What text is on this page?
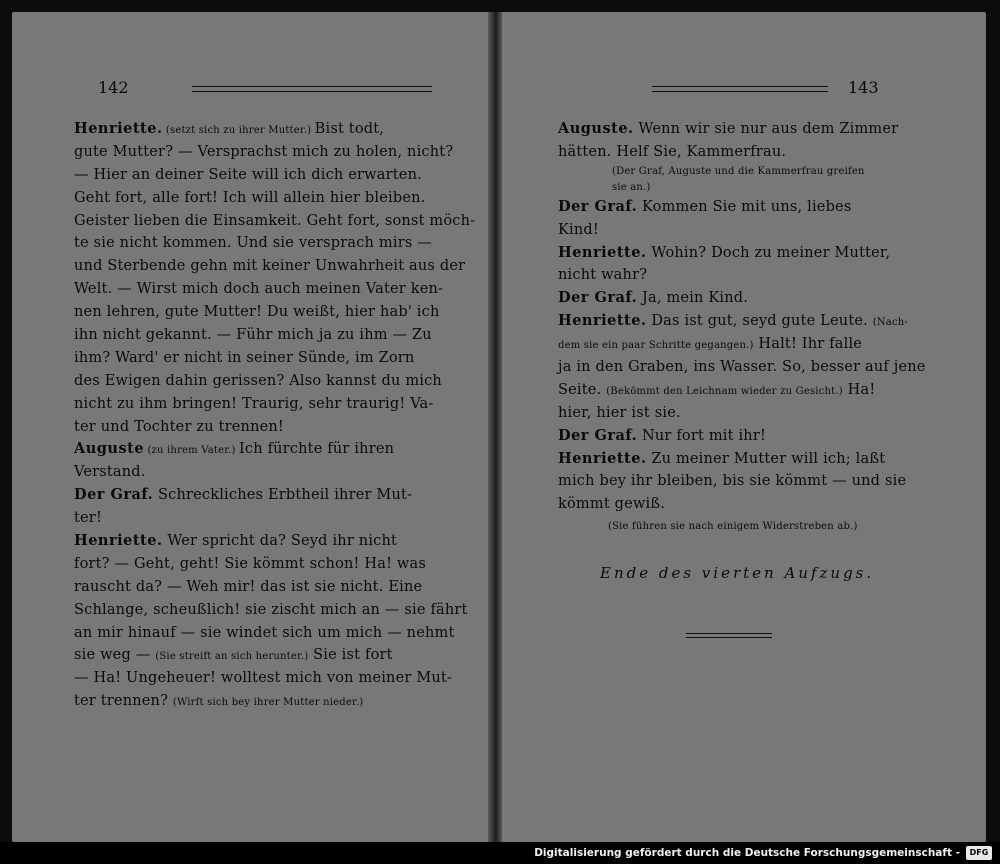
142	143
Henriette. (setzt sich zu ihrer Mutter.) Bist todt,
gute Mutter? — Versprachst mich zu holen, nicht?
— Hier an deiner Seite will ich dich erwarten.
Geht fort, alle fort! Ich will allein hier bleiben.
Geister lieben die Einsamkeit. Geht fort, sonst möch-
te sie nicht kommen. Und sie versprach mirs —
und Sterbende gehn mit keiner Unwahrheit aus der
Welt. — Wirst mich doch auch meinen Vater ken-
nen lehren, gute Mutter! Du weißt, hier hab' ich
ihn nicht gekannt. — Führ mich ja zu ihm — Zu
ihm? Ward' er nicht in seiner Sünde, im Zorn
des Ewigen dahin gerissen? Also kannst du mich
nicht zu ihm bringen! Traurig, sehr traurig! Va-
ter und Tochter zu trennen!
Auguste (zu ihrem Vater.) Ich fürchte für ihren
Verstand.
Der Graf. Schreckliches Erbtheil ihrer Mut-
ter!
Henriette. Wer spricht da? Seyd ihr nicht
fort? — Geht, geht! Sie kömmt schon! Ha! was
rauscht da? — Weh mir! das ist sie nicht. Eine
Schlange, scheußlich! sie zischt mich an — sie fährt
an mir hinauf — sie windet sich um mich — nehmt
sie weg — (Sie streift an sich herunter.) Sie ist fort
— Ha! Ungeheuer! wolltest mich von meiner Mut-
ter trennen? (Wirft sich bey ihrer Mutter nieder.)
Auguste. Wenn wir sie nur aus dem Zimmer
hätten. Helf Sie, Kammerfrau.
(Der Graf, Auguste und die Kammerfrau greifen
sie an.)
Der Graf. Kommen Sie mit uns, liebes
Kind!
Henriette. Wohin? Doch zu meiner Mutter,
nicht wahr?
Der Graf. Ja, mein Kind.
Henriette. Das ist gut, seyd gute Leute. (Nach-
dem sie ein paar Schritte gegangen.) Halt! Ihr falle
ja in den Graben, ins Wasser. So, besser auf jene
Seite. (Bekömmt den Leichnam wieder zu Gesicht.) Ha!
hier, hier ist sie.
Der Graf. Nur fort mit ihr!
Henriette. Zu meiner Mutter will ich; laßt
mich bey ihr bleiben, bis sie kömmt — und sie
kömmt gewiß.
(Sie führen sie nach einigem Widerstreben ab.)
Ende des vierten Aufzugs.
Digitalisierung gefördert durch die Deutsche Forschungsgemeinschaft -	DFG
